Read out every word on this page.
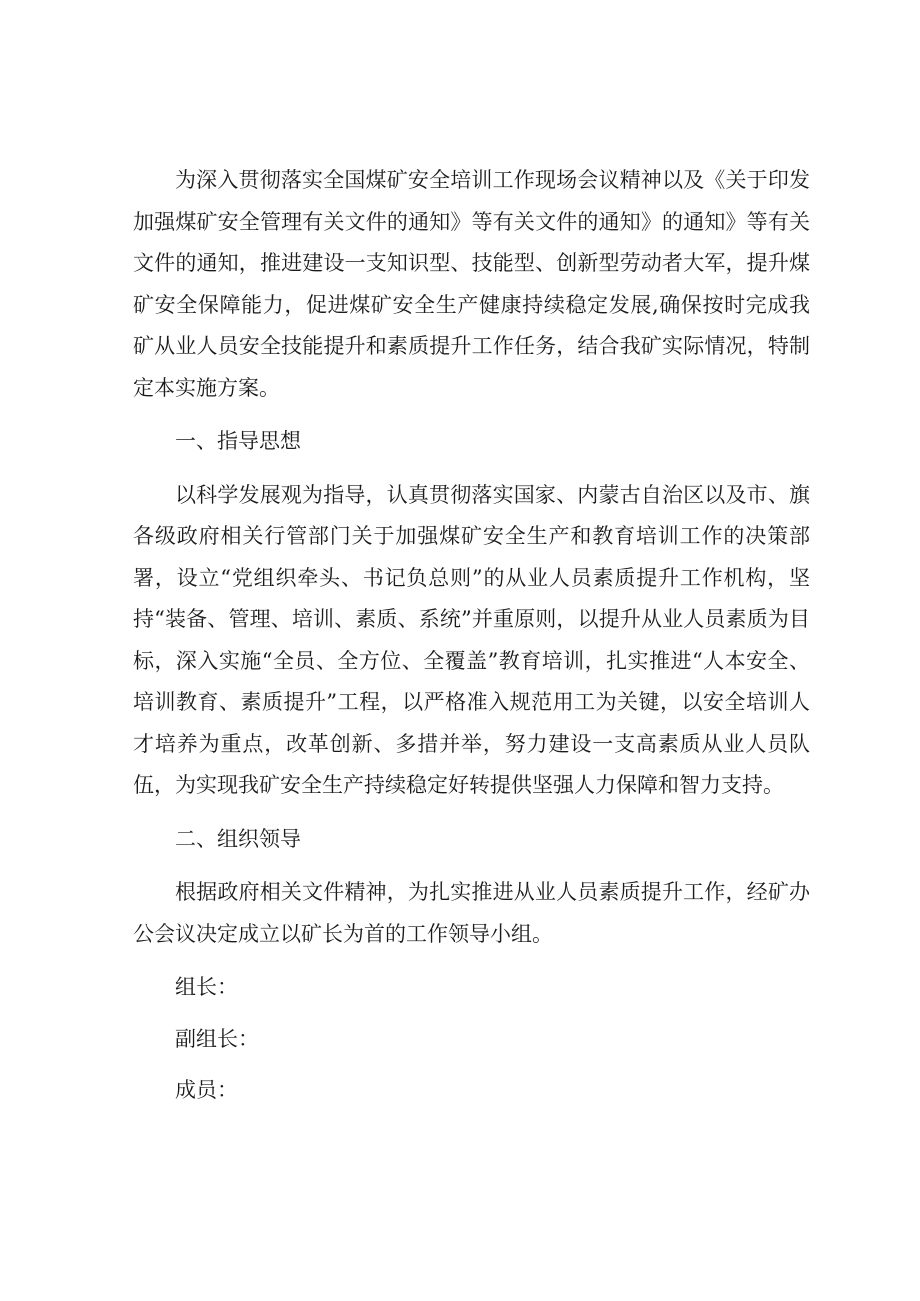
为深入贯彻落实全国煤矿安全培训工作现场会议精神以及《关于印发加强煤矿安全管理有关文件的通知》等有关文件的通知》的通知》等有关文件的通知，推进建设一支知识型、技能型、创新型劳动者大军，提升煤矿安全保障能力，促进煤矿安全生产健康持续稳定发展,确保按时完成我矿从业人员安全技能提升和素质提升工作任务，结合我矿实际情况，特制定本实施方案。

一、指导思想

以科学发展观为指导，认真贯彻落实国家、内蒙古自治区以及市、旗各级政府相关行管部门关于加强煤矿安全生产和教育培训工作的决策部署，设立“党组织牵头、书记负总则”的从业人员素质提升工作机构，坚持“装备、管理、培训、素质、系统”并重原则，以提升从业人员素质为目标，深入实施“全员、全方位、全覆盖”教育培训，扎实推进“人本安全、培训教育、素质提升”工程，以严格准入规范用工为关键，以安全培训人才培养为重点，改革创新、多措并举，努力建设一支高素质从业人员队伍，为实现我矿安全生产持续稳定好转提供坚强人力保障和智力支持。

二、组织领导

根据政府相关文件精神，为扎实推进从业人员素质提升工作，经矿办公会议决定成立以矿长为首的工作领导小组。

组长：

副组长：

成员：
